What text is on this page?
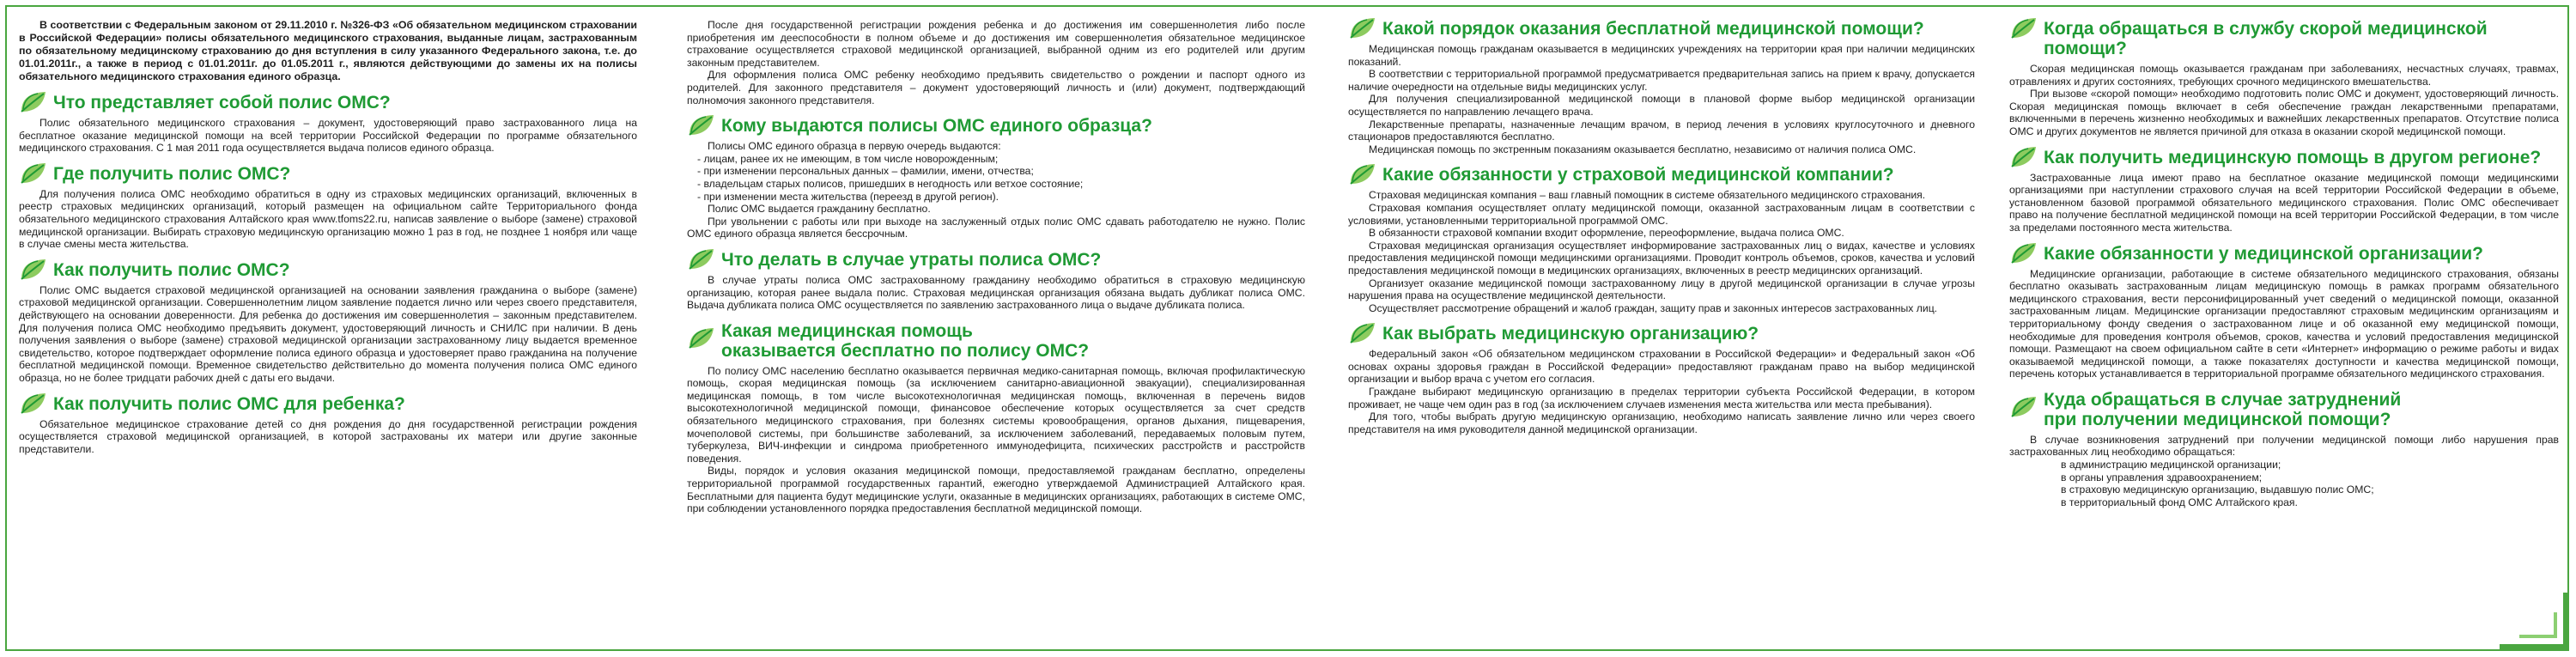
В соответствии с Федеральным законом от 29.11.2010 г. №326-ФЗ «Об обязательном медицинском страховании в Российской Федерации» полисы обязательного медицинского страхования, выданные лицам, застрахованным по обязательному медицинскому страхованию до дня вступления в силу указанного Федерального закона, т.е. до 01.01.2011г., а также в период с 01.01.2011г. до 01.05.2011 г., являются действующими до замены их на полисы обязательного медицинского страхования единого образца.

Что представляет собой полис ОМС?

Полис обязательного медицинского страхования – документ, удостоверяющий право застрахованного лица на бесплатное оказание медицинской помощи на всей территории Российской Федерации по программе обязательного медицинского страхования. С 1 мая 2011 года осуществляется выдача полисов единого образца.

Где получить полис ОМС?

Для получения полиса ОМС необходимо обратиться в одну из страховых медицинских организаций, включенных в реестр страховых медицинских организаций, который размещен на официальном сайте Территориального фонда обязательного медицинского страхования Алтайского края www.tfoms22.ru, написав заявление о выборе (замене) страховой медицинской организации. Выбирать страховую медицинскую организацию можно 1 раз в год, не позднее 1 ноября или чаще в случае смены места жительства.

Как получить полис ОМС?

Полис ОМС выдается страховой медицинской организацией на основании заявления гражданина о выборе (замене) страховой медицинской организации. Совершеннолетним лицом заявление подается лично или через своего представителя, действующего на основании доверенности. Для ребенка до достижения им совершеннолетия – законным представителем. Для получения полиса ОМС необходимо предъявить документ, удостоверяющий личность и СНИЛС при наличии. В день получения заявления о выборе (замене) страховой медицинской организации застрахованному лицу выдается временное свидетельство, которое подтверждает оформление полиса единого образца и удостоверяет право гражданина на получение бесплатной медицинской помощи. Временное свидетельство действительно до момента получения полиса ОМС единого образца, но не более тридцати рабочих дней с даты его выдачи.

Как получить полис ОМС для ребенка?

Обязательное медицинское страхование детей со дня рождения до дня государственной регистрации рождения осуществляется страховой медицинской организацией, в которой застрахованы их матери или другие законные представители.

После дня государственной регистрации рождения ребенка и до достижения им совершеннолетия либо после приобретения им дееспособности в полном объеме и до достижения им совершеннолетия обязательное медицинское страхование осуществляется страховой медицинской организацией, выбранной одним из его родителей или другим законным представителем.

Для оформления полиса ОМС ребенку необходимо предъявить свидетельство о рождении и паспорт одного из родителей. Для законного представителя – документ удостоверяющий личность и (или) документ, подтверждающий полномочия законного представителя.

Кому выдаются полисы ОМС единого образца?

Полисы ОМС единого образца в первую очередь выдаются:

- лицам, ранее их не имеющим, в том числе новорожденным;
- при изменении персональных данных – фамилии, имени, отчества;
- владельцам старых полисов, пришедших в негодность или ветхое состояние;
- при изменении места жительства (переезд в другой регион).

Полис ОМС выдается гражданину бесплатно.

При увольнении с работы или при выходе на заслуженный отдых полис ОМС сдавать работодателю не нужно. Полис ОМС единого образца является бессрочным.

Что делать в случае утраты полиса ОМС?

В случае утраты полиса ОМС застрахованному гражданину необходимо обратиться в страховую медицинскую организацию, которая ранее выдала полис. Страховая медицинская организация обязана выдать дубликат полиса ОМС. Выдача дубликата полиса ОМС осуществляется по заявлению застрахованного лица о выдаче дубликата полиса.

Какая медицинская помощь
оказывается бесплатно по полису ОМС?

По полису ОМС населению бесплатно оказывается первичная медико-санитарная помощь, включая профилактическую помощь, скорая медицинская помощь (за исключением санитарно-авиационной эвакуации), специализированная медицинская помощь, в том числе высокотехнологичная медицинская помощь, включенная в перечень видов высокотехнологичной медицинской помощи, финансовое обеспечение которых осуществляется за счет средств обязательного медицинского страхования, при болезнях системы кровообращения, органов дыхания, пищеварения, мочеполовой системы, при большинстве заболеваний, за исключением заболеваний, передаваемых половым путем, туберкулеза, ВИЧ-инфекции и синдрома приобретенного иммунодефицита, психических расстройств и расстройств поведения.

Виды, порядок и условия оказания медицинской помощи, предоставляемой гражданам бесплатно, определены территориальной программой государственных гарантий, ежегодно утверждаемой Администрацией Алтайского края. Бесплатными для пациента будут медицинские услуги, оказанные в медицинских организациях, работающих в системе ОМС, при соблюдении установленного порядка предоставления бесплатной медицинской помощи.

Какой порядок оказания бесплатной медицинской помощи?

Медицинская помощь гражданам оказывается в медицинских учреждениях на территории края при наличии медицинских показаний.

В соответствии с территориальной программой предусматривается предварительная запись на прием к врачу, допускается наличие очередности на отдельные виды медицинских услуг.

Для получения специализированной медицинской помощи в плановой форме выбор медицинской организации осуществляется по направлению лечащего врача.

Лекарственные препараты, назначенные лечащим врачом, в период лечения в условиях круглосуточного и дневного стационаров предоставляются бесплатно.

Медицинская помощь по экстренным показаниям оказывается бесплатно, независимо от наличия полиса ОМС.

Какие обязанности у страховой медицинской компании?

Страховая медицинская компания – ваш главный помощник в системе обязательного медицинского страхования.

Страховая компания осуществляет оплату медицинской помощи, оказанной застрахованным лицам в соответствии с условиями, установленными территориальной программой ОМС.

В обязанности страховой компании входит оформление, переоформление, выдача полиса ОМС.

Страховая медицинская организация осуществляет информирование застрахованных лиц о видах, качестве и условиях предоставления медицинской помощи медицинскими организациями. Проводит контроль объемов, сроков, качества и условий предоставления медицинской помощи в медицинских организациях, включенных в реестр медицинских организаций.

Организует оказание медицинской помощи застрахованному лицу в другой медицинской организации в случае угрозы нарушения права на осуществление медицинской деятельности.

Осуществляет рассмотрение обращений и жалоб граждан, защиту прав и законных интересов застрахованных лиц.

Как выбрать медицинскую организацию?

Федеральный закон «Об обязательном медицинском страховании в Российской Федерации» и Федеральный закон «Об основах охраны здоровья граждан в Российской Федерации» предоставляют гражданам право на выбор медицинской организации и выбор врача с учетом его согласия.

Граждане выбирают медицинскую организацию в пределах территории субъекта Российской Федерации, в котором проживает, не чаще чем один раз в год (за исключением случаев изменения места жительства или места пребывания).

Для того, чтобы выбрать другую медицинскую организацию, необходимо написать заявление лично или через своего представителя на имя руководителя данной медицинской организации.

Когда обращаться в службу скорой медицинской помощи?

Скорая медицинская помощь оказывается гражданам при заболеваниях, несчастных случаях, травмах, отравлениях и других состояниях, требующих срочного медицинского вмешательства.

При вызове «скорой помощи» необходимо подготовить полис ОМС и документ, удостоверяющий личность. Скорая медицинская помощь включает в себя обеспечение граждан лекарственными препаратами, включенными в перечень жизненно необходимых и важнейших лекарственных препаратов. Отсутствие полиса ОМС и других документов не является причиной для отказа в оказании скорой медицинской помощи.

Как получить медицинскую помощь в другом регионе?

Застрахованные лица имеют право на бесплатное оказание медицинской помощи медицинскими организациями при наступлении страхового случая на всей территории Российской Федерации в объеме, установленном базовой программой обязательного медицинского страхования. Полис ОМС обеспечивает право на получение бесплатной медицинской помощи на всей территории Российской Федерации, в том числе за пределами постоянного места жительства.

Какие обязанности у медицинской организации?

Медицинские организации, работающие в системе обязательного медицинского страхования, обязаны бесплатно оказывать застрахованным лицам медицинскую помощь в рамках программ обязательного медицинского страхования, вести персонифицированный учет сведений о медицинской помощи, оказанной застрахованным лицам. Медицинские организации предоставляют страховым медицинским организациям и территориальному фонду сведения о застрахованном лице и об оказанной ему медицинской помощи, необходимые для проведения контроля объемов, сроков, качества и условий предоставления медицинской помощи. Размещают на своем официальном сайте в сети «Интернет» информацию о режиме работы и видах оказываемой медицинской помощи, а также показателях доступности и качества медицинской помощи, перечень которых устанавливается в территориальной программе обязательного медицинского страхования.

Куда обращаться в случае затруднений
при получении медицинской помощи?

В случае возникновения затруднений при получении медицинской помощи либо нарушения прав застрахованных лиц необходимо обращаться:

в администрацию медицинской организации;
в органы управления здравоохранением;
в страховую медицинскую организацию, выдавшую полис ОМС;
в территориальный фонд ОМС Алтайского края.
